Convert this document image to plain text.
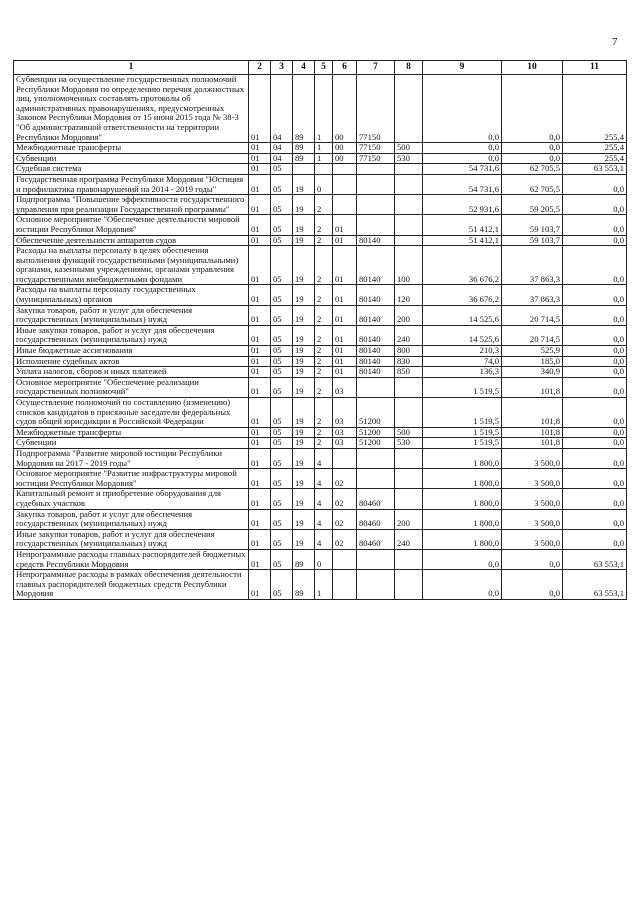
7
1	2	3	4	5	6	7	8	9	10	11
Субвенции на осуществление государственных полномочий Республики Мордовия по определению перечня должностных лиц, уполномоченных составлять протоколы об административных правонарушениях, предусмотренных Законом Республики Мордовия от 15 июня 2015 года № 38-З "Об административной ответственности на территории Республики Мордовия"	01	04	89	1	00	77150		0,0	0,0	255,4
Межбюджетные трансферты	01	04	89	1	00	77150	500	0,0	0,0	255,4
Субвенции	01	04	89	1	00	77150	530	0,0	0,0	255,4
Судебная система	01	05						54 731,6	62 705,5	63 553,1
Государственная программа Республики Мордовия "Юстиция и профилактика правонарушений на 2014 - 2019 годы"	01	05	19	0				54 731,6	62 705,5	0,0
Подпрограмма "Повышение эффективности государственного управления при реализации Государственной программы"	01	05	19	2				52 931,6	59 205,5	0,0
Основное мероприятие "Обеспечение деятельности мировой юстиции Республики Мордовия"	01	05	19	2	01			51 412,1	59 103,7	0,0
Обеспечение деятельности аппаратов судов	01	05	19	2	01	80140		51 412,1	59 103,7	0,0
Расходы на выплаты персоналу в целях обеспечения выполнения функций государственными (муниципальными) органами, казенными учреждениями, органами управления государственными внебюджетными фондами	01	05	19	2	01	80140	100	36 676,2	37 863,3	0,0
Расходы на выплаты персоналу государственных (муниципальных) органов	01	05	19	2	01	80140	120	36 676,2	37 863,3	0,0
Закупка товаров, работ и услуг для обеспечения государственных (муниципальных) нужд	01	05	19	2	01	80140	200	14 525,6	20 714,5	0,0
Иные закупки товаров, работ и услуг для обеспечения государственных (муниципальных) нужд	01	05	19	2	01	80140	240	14 525,6	20 714,5	0,0
Иные бюджетные ассигнования	01	05	19	2	01	80140	800	210,3	525,9	0,0
Исполнение судебных актов	01	05	19	2	01	80140	830	74,0	185,0	0,0
Уплата налогов, сборов и иных платежей	01	05	19	2	01	80140	850	136,3	340,9	0,0
Основное мероприятие "Обеспечение реализации государственных полномочий"	01	05	19	2	03			1 519,5	101,8	0,0
Осуществление полномочий по составлению (изменению) списков кандидатов в присяжные заседатели федеральных судов общей юрисдикции в Российской Федерации	01	05	19	2	03	51200		1 519,5	101,8	0,0
Межбюджетные трансферты	01	05	19	2	03	51200	500	1 519,5	101,8	0,0
Субвенции	01	05	19	2	03	51200	530	1 519,5	101,8	0,0
Подпрограмма "Развитие мировой юстиции Республики Мордовия на 2017 - 2019 годы"	01	05	19	4				1 800,0	3 500,0	0,0
Основное мероприятие "Развитие инфраструктуры мировой юстиции Республики Мордовия"	01	05	19	4	02			1 800,0	3 500,0	0,0
Капитальный ремонт и приобретение оборудования для судебных участков	01	05	19	4	02	80460		1 800,0	3 500,0	0,0
Закупка товаров, работ и услуг для обеспечения государственных (муниципальных) нужд	01	05	19	4	02	80460	200	1 800,0	3 500,0	0,0
Иные закупки товаров, работ и услуг для обеспечения государственных (муниципальных) нужд	01	05	19	4	02	80460	240	1 800,0	3 500,0	0,0
Непрограммные расходы главных распорядителей бюджетных средств Республики Мордовия	01	05	89	0				0,0	0,0	63 553,1
Непрограммные расходы в рамках обеспечения деятельности главных распорядителей бюджетных средств Республики Мордовия	01	05	89	1				0,0	0,0	63 553,1
